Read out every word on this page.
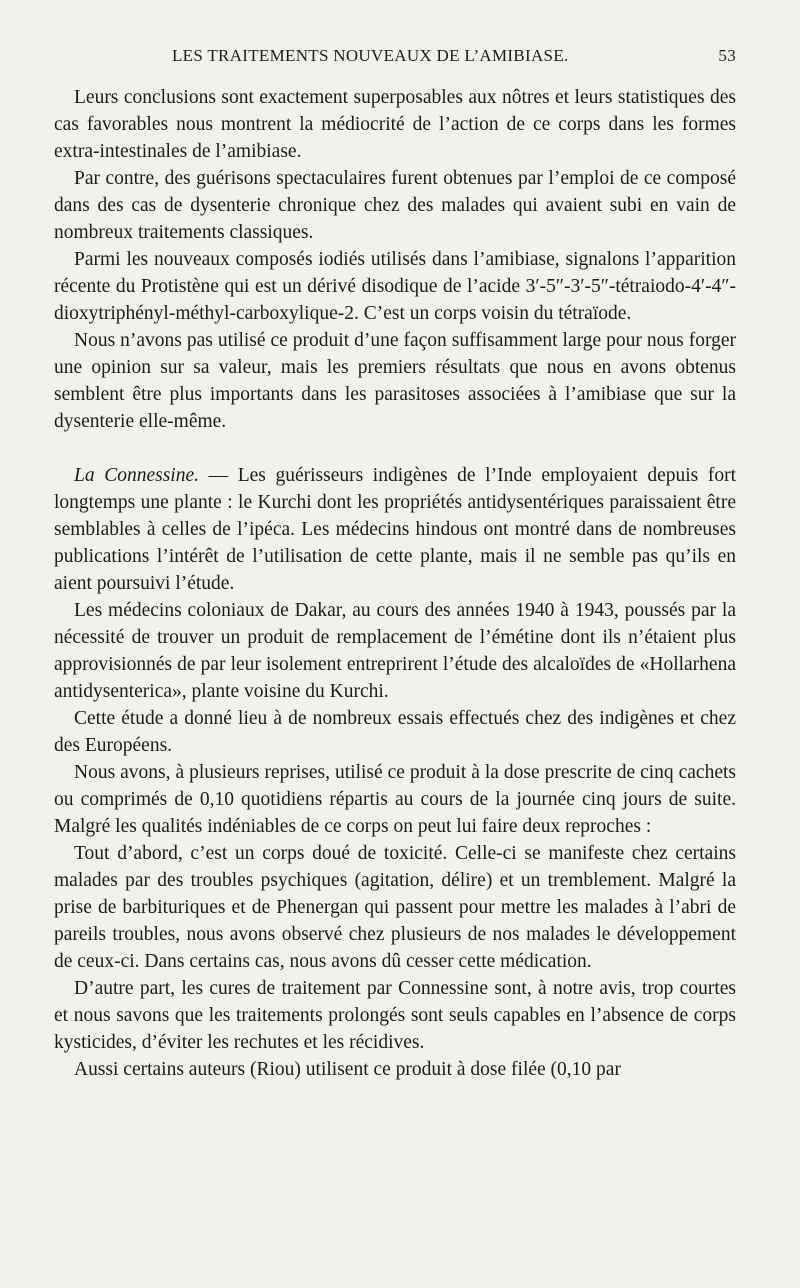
LES TRAITEMENTS NOUVEAUX DE L’AMIBIASE.	53

Leurs conclusions sont exactement superposables aux nôtres et leurs statistiques des cas favorables nous montrent la médiocrité de l’action de ce corps dans les formes extra-intestinales de l’amibiase.

Par contre, des guérisons spectaculaires furent obtenues par l’emploi de ce composé dans des cas de dysenterie chronique chez des malades qui avaient subi en vain de nombreux traitements classiques.

Parmi les nouveaux composés iodiés utilisés dans l’amibiase, signalons l’apparition récente du Protistène qui est un dérivé disodique de l’acide 3′-5″-3′-5″-tétraiodo-4′-4″-dioxytriphényl-méthyl-carboxylique-2. C’est un corps voisin du tétraïode.

Nous n’avons pas utilisé ce produit d’une façon suffisamment large pour nous forger une opinion sur sa valeur, mais les premiers résultats que nous en avons obtenus semblent être plus importants dans les parasitoses associées à l’amibiase que sur la dysenterie elle-même.

La Connessine. — Les guérisseurs indigènes de l’Inde employaient depuis fort longtemps une plante : le Kurchi dont les propriétés antidysentériques paraissaient être semblables à celles de l’ipéca. Les médecins hindous ont montré dans de nombreuses publications l’intérêt de l’utilisation de cette plante, mais il ne semble pas qu’ils en aient poursuivi l’étude.

Les médecins coloniaux de Dakar, au cours des années 1940 à 1943, poussés par la nécessité de trouver un produit de remplacement de l’émétine dont ils n’étaient plus approvisionnés de par leur isolement entreprirent l’étude des alcaloïdes de «Hollarhena antidysenterica», plante voisine du Kurchi.

Cette étude a donné lieu à de nombreux essais effectués chez des indigènes et chez des Européens.

Nous avons, à plusieurs reprises, utilisé ce produit à la dose prescrite de cinq cachets ou comprimés de 0,10 quotidiens répartis au cours de la journée cinq jours de suite. Malgré les qualités indéniables de ce corps on peut lui faire deux reproches :

Tout d’abord, c’est un corps doué de toxicité. Celle-ci se manifeste chez certains malades par des troubles psychiques (agitation, délire) et un tremblement. Malgré la prise de barbituriques et de Phenergan qui passent pour mettre les malades à l’abri de pareils troubles, nous avons observé chez plusieurs de nos malades le développement de ceux-ci. Dans certains cas, nous avons dû cesser cette médication.

D’autre part, les cures de traitement par Connessine sont, à notre avis, trop courtes et nous savons que les traitements prolongés sont seuls capables en l’absence de corps kysticides, d’éviter les rechutes et les récidives.

Aussi certains auteurs (Riou) utilisent ce produit à dose filée (0,10 par
